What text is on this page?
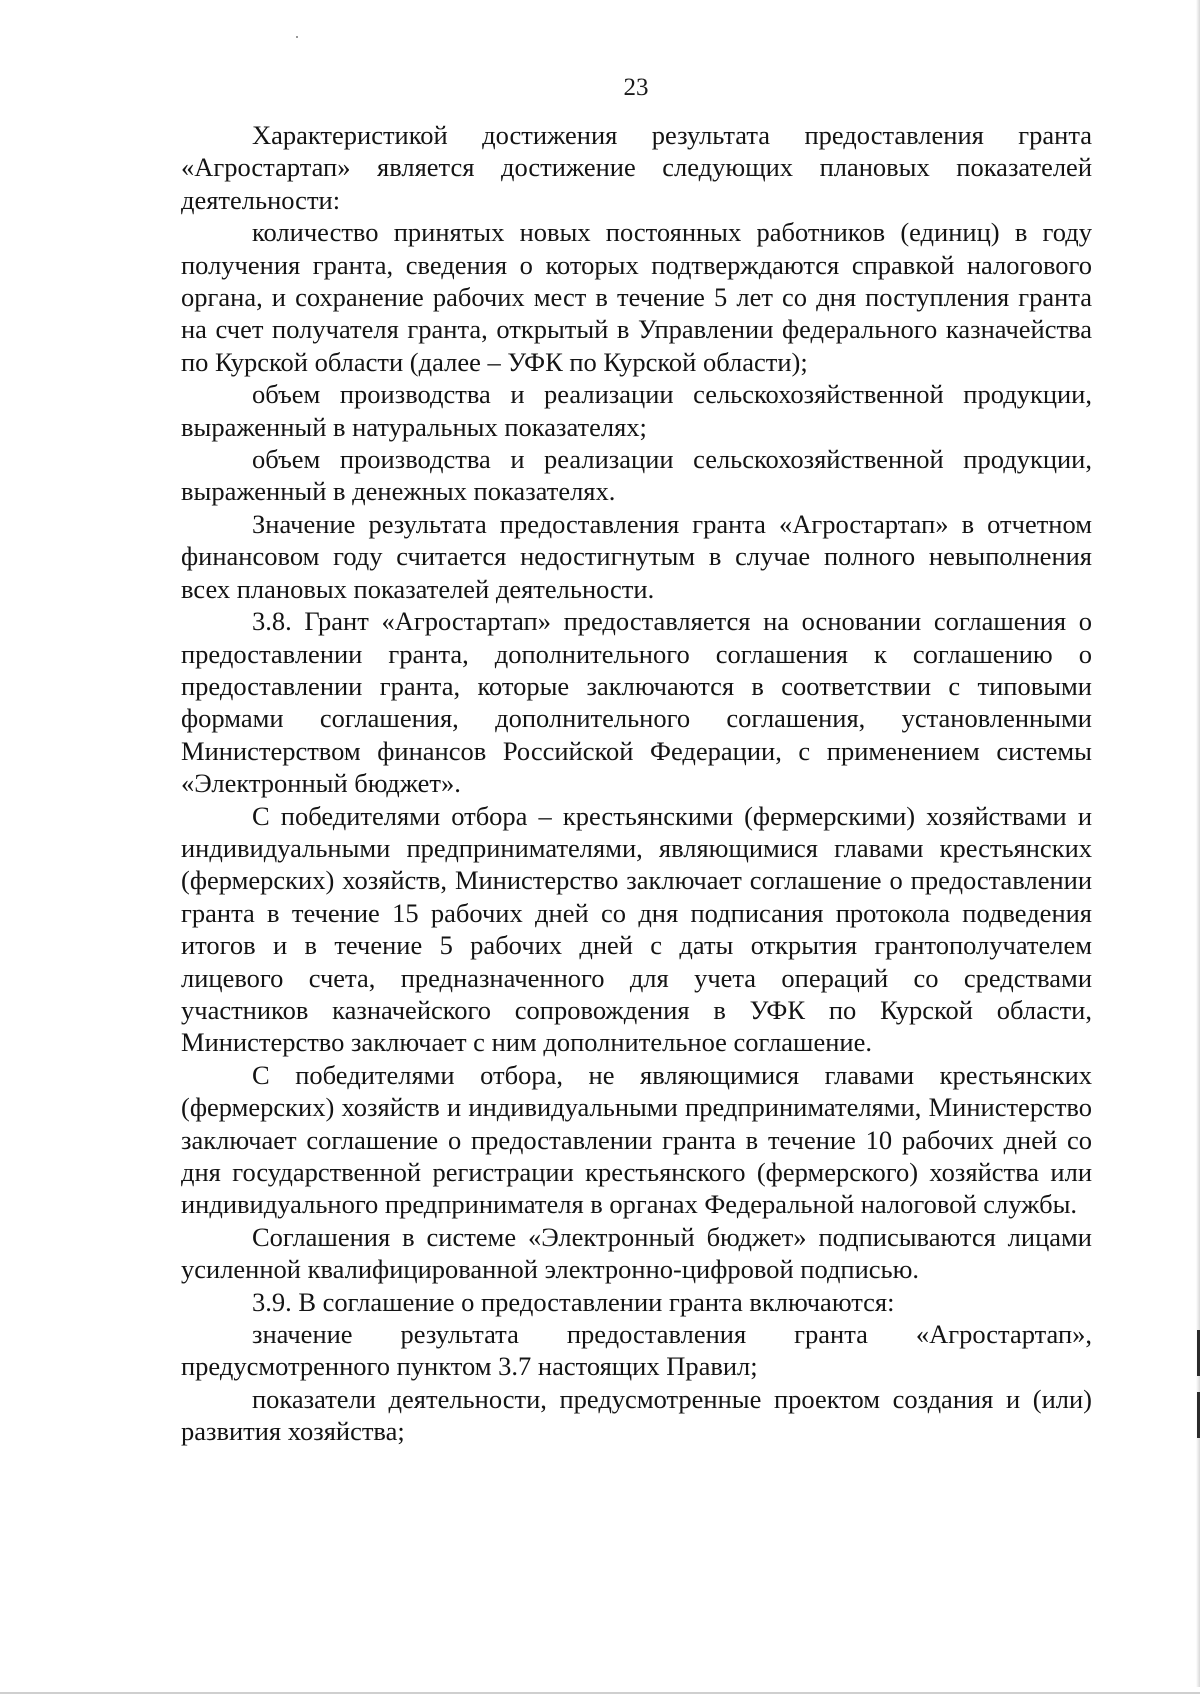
23

Характеристикой достижения результата предоставления гранта «Агростартап» является достижение следующих плановых показателей деятельности:

количество принятых новых постоянных работников (единиц) в году получения гранта, сведения о которых подтверждаются справкой налогового органа, и сохранение рабочих мест в течение 5 лет со дня поступления гранта на счет получателя гранта, открытый в Управлении федерального казначейства по Курской области (далее – УФК по Курской области);

объем производства и реализации сельскохозяйственной продукции, выраженный в натуральных показателях;

объем производства и реализации сельскохозяйственной продукции, выраженный в денежных показателях.

Значение результата предоставления гранта «Агростартап» в отчетном финансовом году считается недостигнутым в случае полного невыполнения всех плановых показателей деятельности.

3.8. Грант «Агростартап» предоставляется на основании соглашения о предоставлении гранта, дополнительного соглашения к соглашению о предоставлении гранта, которые заключаются в соответствии с типовыми формами соглашения, дополнительного соглашения, установленными Министерством финансов Российской Федерации, с применением системы «Электронный бюджет».

С победителями отбора – крестьянскими (фермерскими) хозяйствами и индивидуальными предпринимателями, являющимися главами крестьянских (фермерских) хозяйств, Министерство заключает соглашение о предоставлении гранта в течение 15 рабочих дней со дня подписания протокола подведения итогов и в течение 5 рабочих дней с даты открытия грантополучателем лицевого счета, предназначенного для учета операций со средствами участников казначейского сопровождения в УФК по Курской области, Министерство заключает с ним дополнительное соглашение.

С победителями отбора, не являющимися главами крестьянских (фермерских) хозяйств и индивидуальными предпринимателями, Министерство заключает соглашение о предоставлении гранта в течение 10 рабочих дней со дня государственной регистрации крестьянского (фермерского) хозяйства или индивидуального предпринимателя в органах Федеральной налоговой службы.

Соглашения в системе «Электронный бюджет» подписываются лицами усиленной квалифицированной электронно-цифровой подписью.

3.9. В соглашение о предоставлении гранта включаются:

значение результата предоставления гранта «Агростартап», предусмотренного пунктом 3.7 настоящих Правил;

показатели деятельности, предусмотренные проектом создания и (или) развития хозяйства;
